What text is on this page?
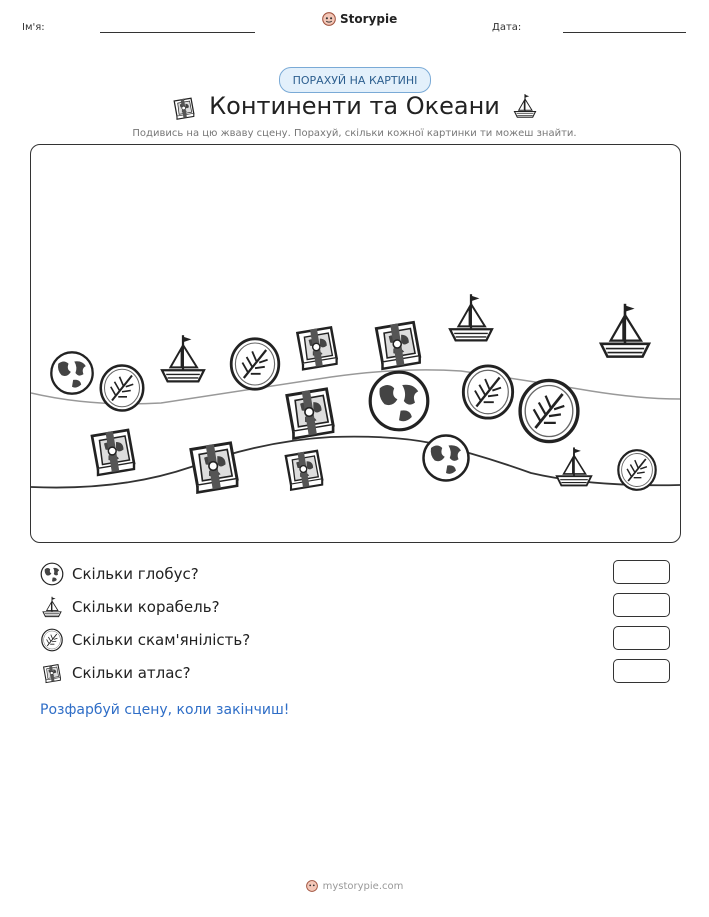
Ім'я:
Storypie
Дата:
ПОРАХУЙ НА КАРТИНІ
Континенти та Океани
Подивись на цю жваву сцену. Порахуй, скільки кожної картинки ти можеш знайти.
Скільки глобус?
Скільки корабель?
Скільки скам'янілість?
Скільки атлас?
Розфарбуй сцену, коли закінчиш!
mystorypie.com
